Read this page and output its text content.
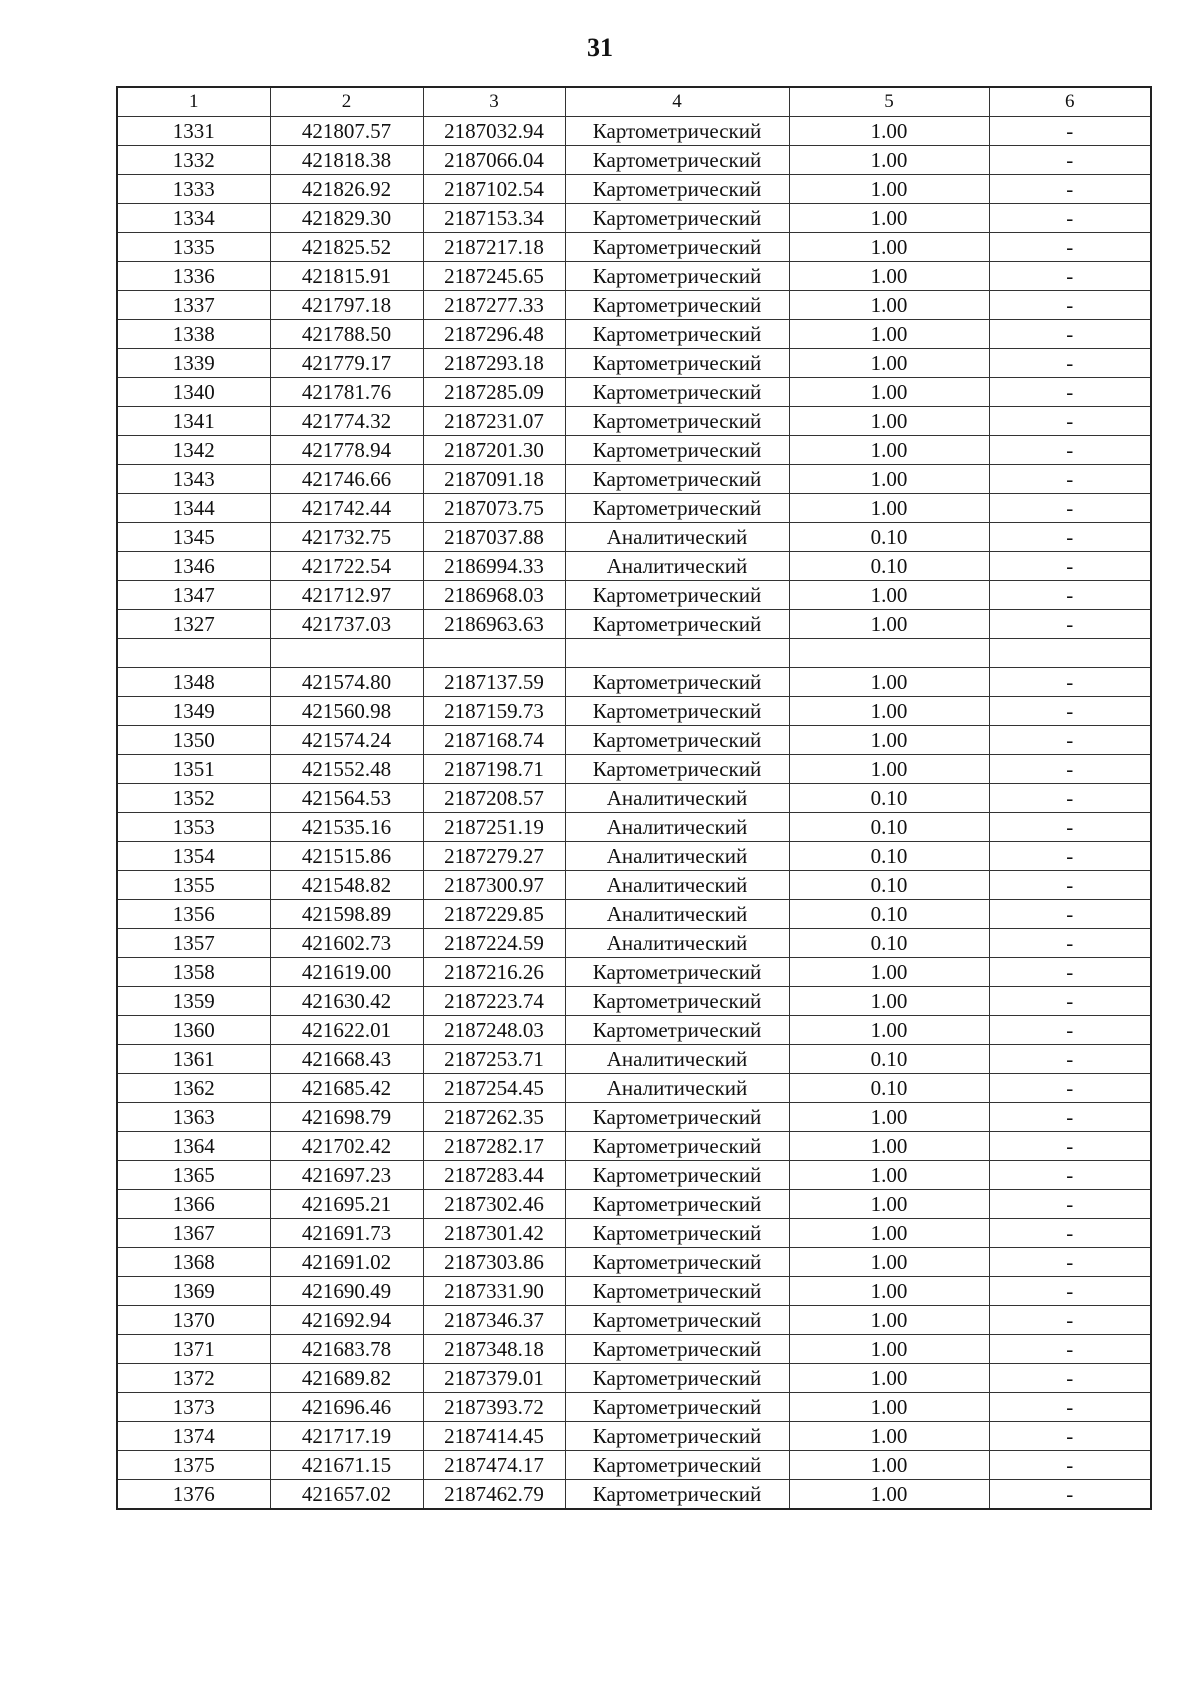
31
1	2	3	4	5	6
1331	421807.57	2187032.94	Картометрический	1.00	-
1332	421818.38	2187066.04	Картометрический	1.00	-
1333	421826.92	2187102.54	Картометрический	1.00	-
1334	421829.30	2187153.34	Картометрический	1.00	-
1335	421825.52	2187217.18	Картометрический	1.00	-
1336	421815.91	2187245.65	Картометрический	1.00	-
1337	421797.18	2187277.33	Картометрический	1.00	-
1338	421788.50	2187296.48	Картометрический	1.00	-
1339	421779.17	2187293.18	Картометрический	1.00	-
1340	421781.76	2187285.09	Картометрический	1.00	-
1341	421774.32	2187231.07	Картометрический	1.00	-
1342	421778.94	2187201.30	Картометрический	1.00	-
1343	421746.66	2187091.18	Картометрический	1.00	-
1344	421742.44	2187073.75	Картометрический	1.00	-
1345	421732.75	2187037.88	Аналитический	0.10	-
1346	421722.54	2186994.33	Аналитический	0.10	-
1347	421712.97	2186968.03	Картометрический	1.00	-
1327	421737.03	2186963.63	Картометрический	1.00	-

1348	421574.80	2187137.59	Картометрический	1.00	-
1349	421560.98	2187159.73	Картометрический	1.00	-
1350	421574.24	2187168.74	Картометрический	1.00	-
1351	421552.48	2187198.71	Картометрический	1.00	-
1352	421564.53	2187208.57	Аналитический	0.10	-
1353	421535.16	2187251.19	Аналитический	0.10	-
1354	421515.86	2187279.27	Аналитический	0.10	-
1355	421548.82	2187300.97	Аналитический	0.10	-
1356	421598.89	2187229.85	Аналитический	0.10	-
1357	421602.73	2187224.59	Аналитический	0.10	-
1358	421619.00	2187216.26	Картометрический	1.00	-
1359	421630.42	2187223.74	Картометрический	1.00	-
1360	421622.01	2187248.03	Картометрический	1.00	-
1361	421668.43	2187253.71	Аналитический	0.10	-
1362	421685.42	2187254.45	Аналитический	0.10	-
1363	421698.79	2187262.35	Картометрический	1.00	-
1364	421702.42	2187282.17	Картометрический	1.00	-
1365	421697.23	2187283.44	Картометрический	1.00	-
1366	421695.21	2187302.46	Картометрический	1.00	-
1367	421691.73	2187301.42	Картометрический	1.00	-
1368	421691.02	2187303.86	Картометрический	1.00	-
1369	421690.49	2187331.90	Картометрический	1.00	-
1370	421692.94	2187346.37	Картометрический	1.00	-
1371	421683.78	2187348.18	Картометрический	1.00	-
1372	421689.82	2187379.01	Картометрический	1.00	-
1373	421696.46	2187393.72	Картометрический	1.00	-
1374	421717.19	2187414.45	Картометрический	1.00	-
1375	421671.15	2187474.17	Картометрический	1.00	-
1376	421657.02	2187462.79	Картометрический	1.00	-
